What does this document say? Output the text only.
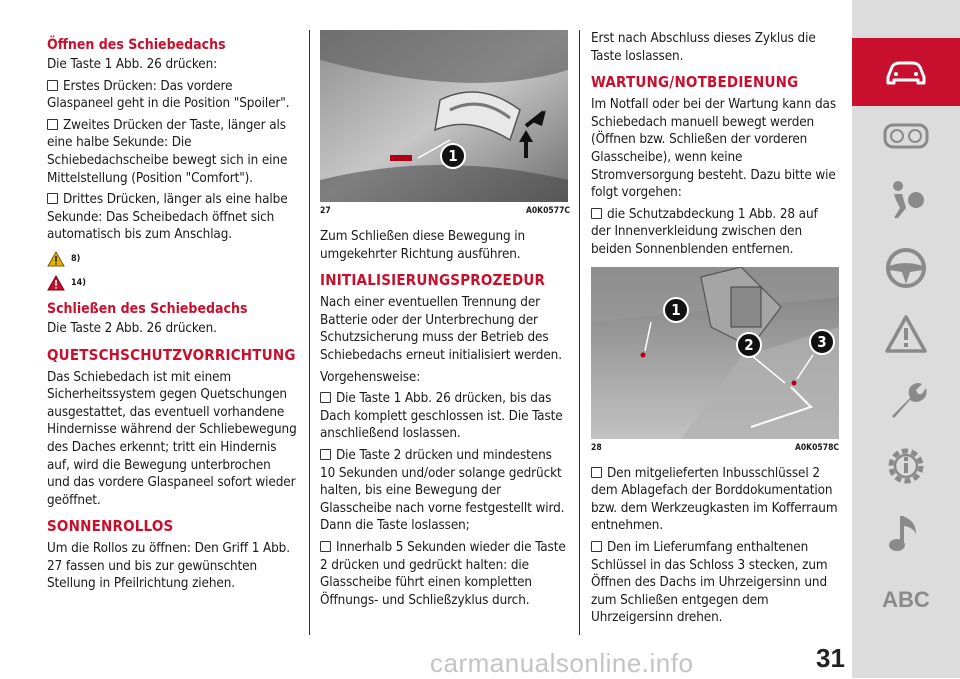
Öffnen des Schiebedachs

Die Taste 1 Abb. 26 drücken:

Erstes Drücken: Das vordere Glaspaneel geht in die Position "Spoiler".

Zweites Drücken der Taste, länger als eine halbe Sekunde: Die Schiebedachscheibe bewegt sich in eine Mittelstellung (Position "Comfort").

Drittes Drücken, länger als eine halbe Sekunde: Das Scheibedach öffnet sich automatisch bis zum Anschlag.

8)
14)
Schließen des Schiebedachs

Die Taste 2 Abb. 26 drücken.

QUETSCHSCHUTZVORRICHTUNG

Das Schiebedach ist mit einem Sicherheitssystem gegen Quetschungen ausgestattet, das eventuell vorhandene Hindernisse während der Schliebewegung des Daches erkennt; tritt ein Hindernis auf, wird die Bewegung unterbrochen und das vordere Glaspaneel sofort wieder geöffnet.

SONNENROLLOS

Um die Rollos zu öffnen: Den Griff 1 Abb. 27 fassen und bis zur gewünschten Stellung in Pfeilrichtung ziehen.

1
27	A0K0577C

Zum Schließen diese Bewegung in umgekehrter Richtung ausführen.

INITIALISIERUNGSPROZEDUR

Nach einer eventuellen Trennung der Batterie oder der Unterbrechung der Schutzsicherung muss der Betrieb des Schiebedachs erneut initialisiert werden.

Vorgehensweise:

Die Taste 1 Abb. 26 drücken, bis das Dach komplett geschlossen ist. Die Taste anschließend loslassen.

Die Taste 2 drücken und mindestens 10 Sekunden und/oder solange gedrückt halten, bis eine Bewegung der Glasscheibe nach vorne festgestellt wird. Dann die Taste loslassen;

Innerhalb 5 Sekunden wieder die Taste 2 drücken und gedrückt halten: die Glasscheibe führt einen kompletten Öffnungs- und Schließzyklus durch.

Erst nach Abschluss dieses Zyklus die Taste loslassen.

WARTUNG/NOTBEDIENUNG

Im Notfall oder bei der Wartung kann das Schiebedach manuell bewegt werden (Öffnen bzw. Schließen der vorderen Glasscheibe), wenn keine Stromversorgung besteht. Dazu bitte wie folgt vorgehen:

die Schutzabdeckung 1 Abb. 28 auf der Innenverkleidung zwischen den beiden Sonnenblenden entfernen.

1
2	3
28	A0K0578C

Den mitgelieferten Inbusschlüssel 2 dem Ablagefach der Borddokumentation bzw. dem Werkzeugkasten im Kofferraum entnehmen.

Den im Lieferumfang enthaltenen Schlüssel in das Schloss 3 stecken, zum Öffnen des Dachs im Uhrzeigersinn und zum Schließen entgegen dem Uhrzeigersinn drehen.

ABC
carmanualsonline.info	31
